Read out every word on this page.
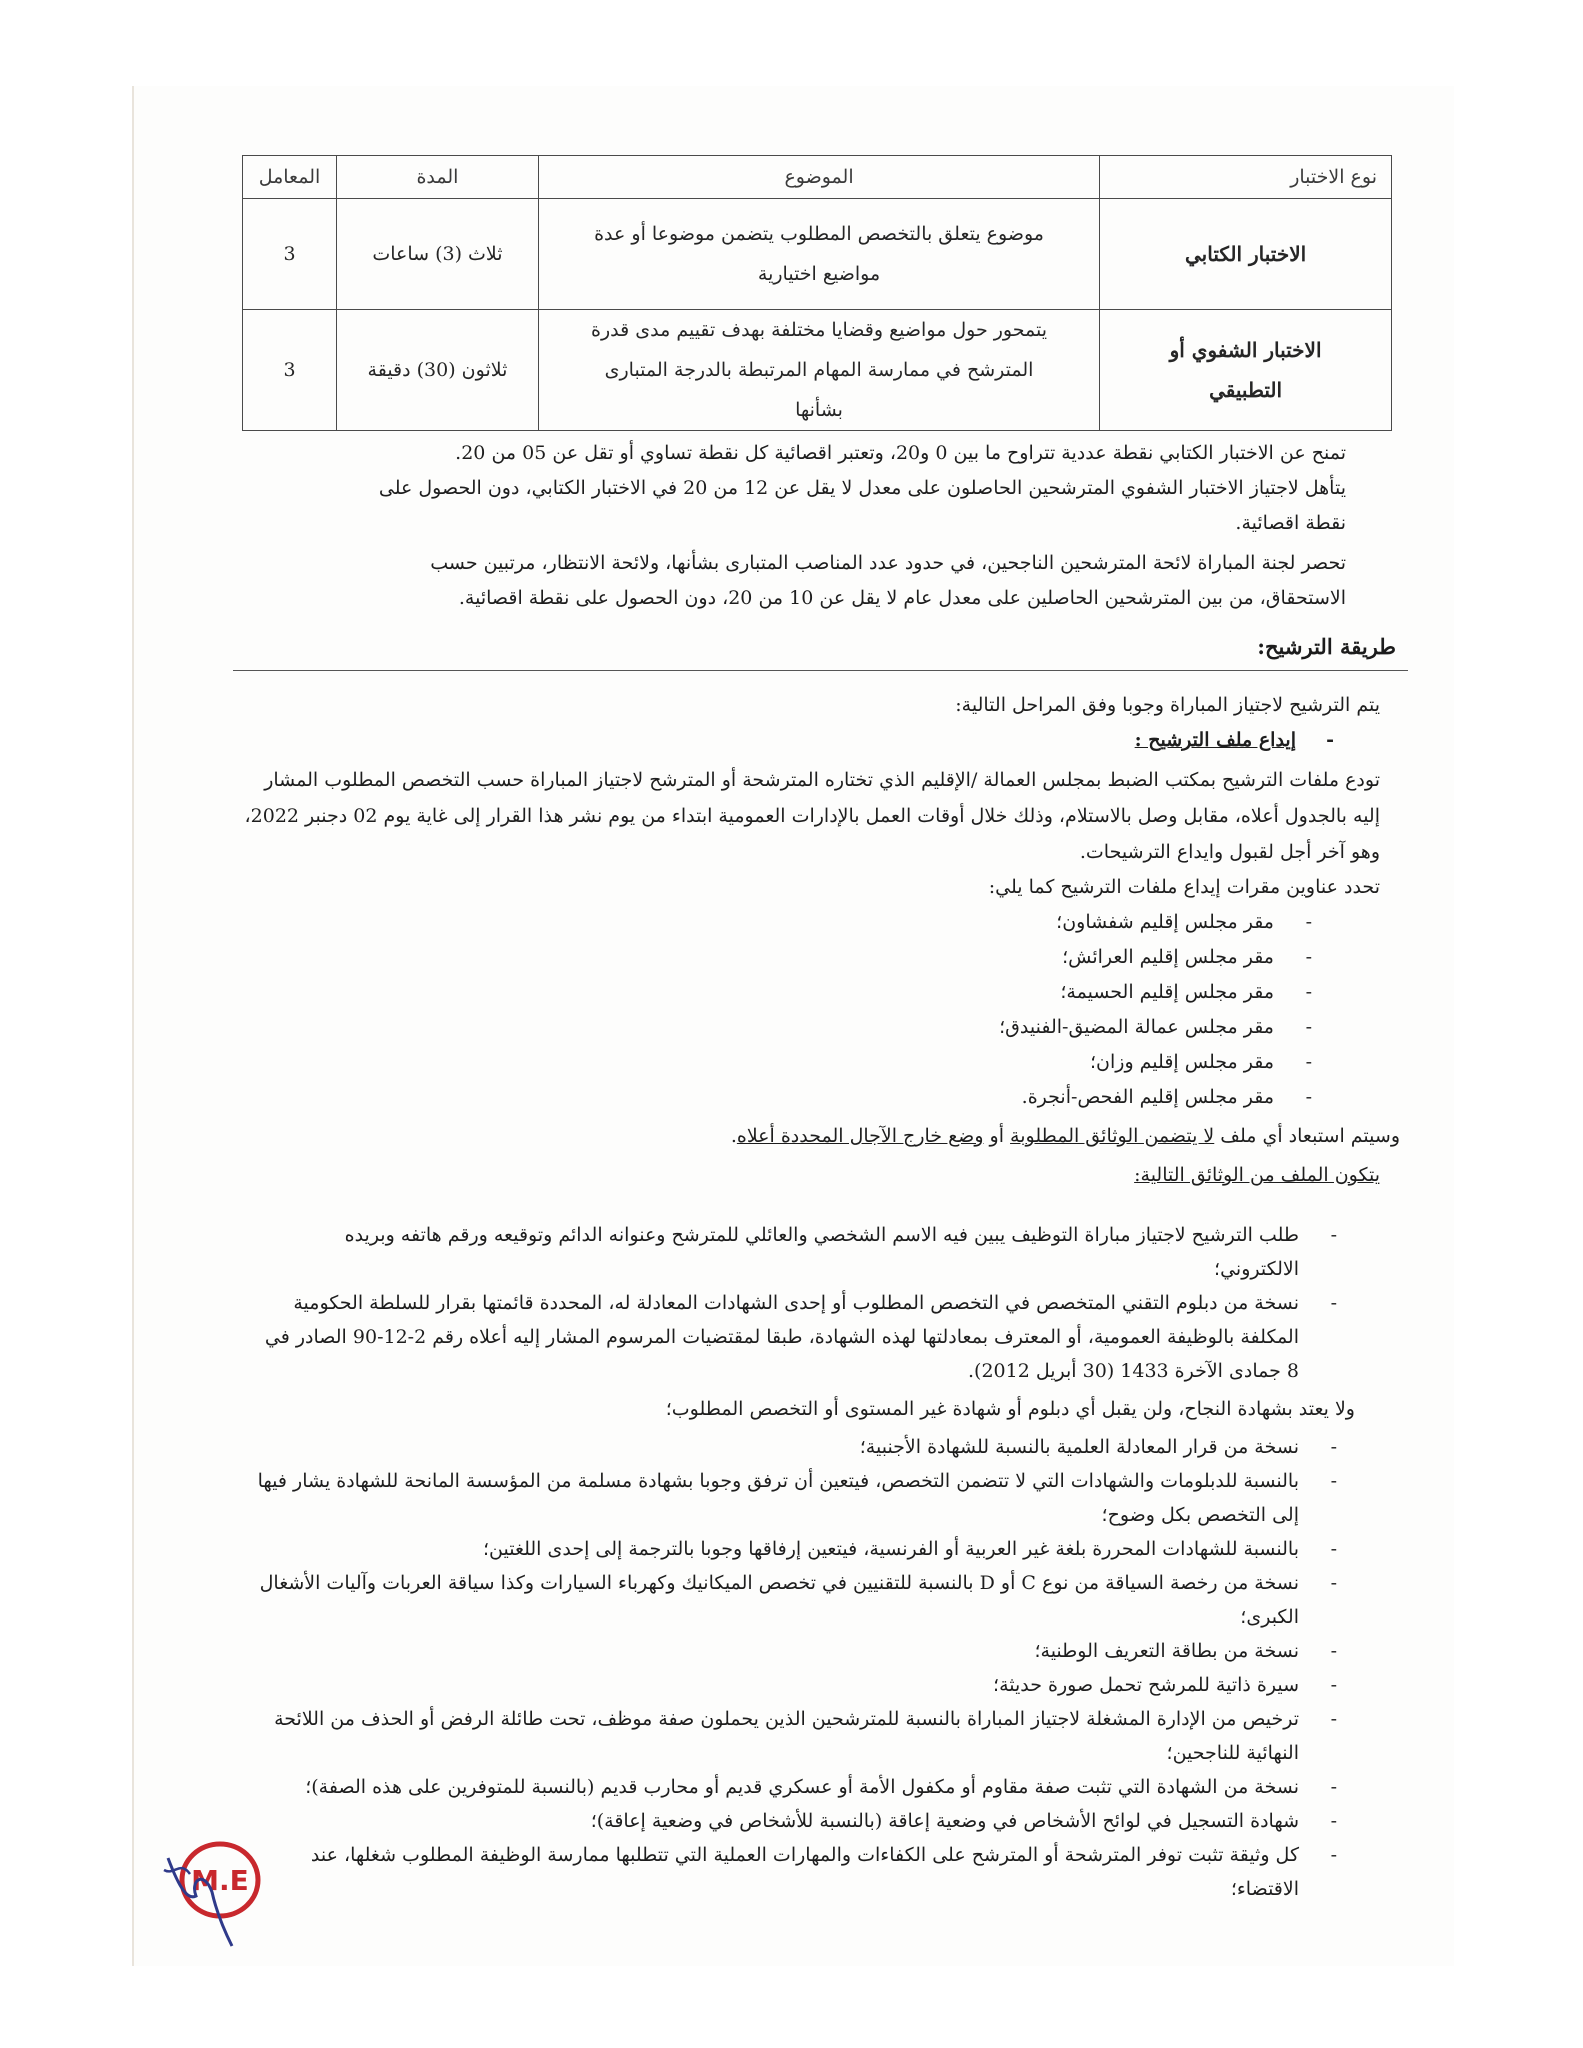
نوع الاختبار	الموضوع	المدة	المعامل
الاختبار الكتابي	موضوع يتعلق بالتخصص المطلوب يتضمن موضوعا أو عدة مواضيع اختيارية	ثلاث (3) ساعات	3
الاختبار الشفوي أو التطبيقي	يتمحور حول مواضيع وقضايا مختلفة بهدف تقييم مدى قدرة المترشح في ممارسة المهام المرتبطة بالدرجة المتبارى بشأنها	ثلاثون (30) دقيقة	3
تمنح عن الاختبار الكتابي نقطة عددية تتراوح ما بين 0 و20، وتعتبر اقصائية كل نقطة تساوي أو تقل عن 05 من 20.
يتأهل لاجتياز الاختبار الشفوي المترشحين الحاصلون على معدل لا يقل عن 12 من 20 في الاختبار الكتابي، دون الحصول على نقطة اقصائية.
تحصر لجنة المباراة لائحة المترشحين الناجحين، في حدود عدد المناصب المتبارى بشأنها، ولائحة الانتظار، مرتبين حسب الاستحقاق، من بين المترشحين الحاصلين على معدل عام لا يقل عن 10 من 20، دون الحصول على نقطة اقصائية.
طريقة الترشيح:
يتم الترشيح لاجتياز المباراة وجوبا وفق المراحل التالية:
- إيداع ملف الترشيح :
تودع ملفات الترشيح بمكتب الضبط بمجلس العمالة /الإقليم الذي تختاره المترشحة أو المترشح لاجتياز المباراة حسب التخصص المطلوب المشار إليه بالجدول أعلاه، مقابل وصل بالاستلام، وذلك خلال أوقات العمل بالإدارات العمومية ابتداء من يوم نشر هذا القرار إلى غاية يوم 02 دجنبر 2022، وهو آخر أجل لقبول وايداع الترشيحات.
تحدد عناوين مقرات إيداع ملفات الترشيح كما يلي:
- مقر مجلس إقليم شفشاون؛
- مقر مجلس إقليم العرائش؛
- مقر مجلس إقليم الحسيمة؛
- مقر مجلس عمالة المضيق-الفنيدق؛
- مقر مجلس إقليم وزان؛
- مقر مجلس إقليم الفحص-أنجرة.
وسيتم استبعاد أي ملف لا يتضمن الوثائق المطلوبة أو وضع خارج الآجال المحددة أعلاه.
يتكون الملف من الوثائق التالية:
- طلب الترشيح لاجتياز مباراة التوظيف يبين فيه الاسم الشخصي والعائلي للمترشح وعنوانه الدائم وتوقيعه ورقم هاتفه وبريده الالكتروني؛
- نسخة من دبلوم التقني المتخصص في التخصص المطلوب أو إحدى الشهادات المعادلة له، المحددة قائمتها بقرار للسلطة الحكومية المكلفة بالوظيفة العمومية، أو المعترف بمعادلتها لهذه الشهادة، طبقا لمقتضيات المرسوم المشار إليه أعلاه رقم 2-12-90 الصادر في 8 جمادى الآخرة 1433 (30 أبريل 2012).
ولا يعتد بشهادة النجاح، ولن يقبل أي دبلوم أو شهادة غير المستوى أو التخصص المطلوب؛
- نسخة من قرار المعادلة العلمية بالنسبة للشهادة الأجنبية؛
- بالنسبة للدبلومات والشهادات التي لا تتضمن التخصص، فيتعين أن ترفق وجوبا بشهادة مسلمة من المؤسسة المانحة للشهادة يشار فيها إلى التخصص بكل وضوح؛
- بالنسبة للشهادات المحررة بلغة غير العربية أو الفرنسية، فيتعين إرفاقها وجوبا بالترجمة إلى إحدى اللغتين؛
- نسخة من رخصة السياقة من نوع C أو D بالنسبة للتقنيين في تخصص الميكانيك وكهرباء السيارات وكذا سياقة العربات وآليات الأشغال الكبرى؛
- نسخة من بطاقة التعريف الوطنية؛
- سيرة ذاتية للمرشح تحمل صورة حديثة؛
- ترخيص من الإدارة المشغلة لاجتياز المباراة بالنسبة للمترشحين الذين يحملون صفة موظف، تحت طائلة الرفض أو الحذف من اللائحة النهائية للناجحين؛
- نسخة من الشهادة التي تثبت صفة مقاوم أو مكفول الأمة أو عسكري قديم أو محارب قديم (بالنسبة للمتوفرين على هذه الصفة)؛
- شهادة التسجيل في لوائح الأشخاص في وضعية إعاقة (بالنسبة للأشخاص في وضعية إعاقة)؛
- كل وثيقة تثبت توفر المترشحة أو المترشح على الكفاءات والمهارات العملية التي تتطلبها ممارسة الوظيفة المطلوب شغلها، عند الاقتضاء؛
M.E
